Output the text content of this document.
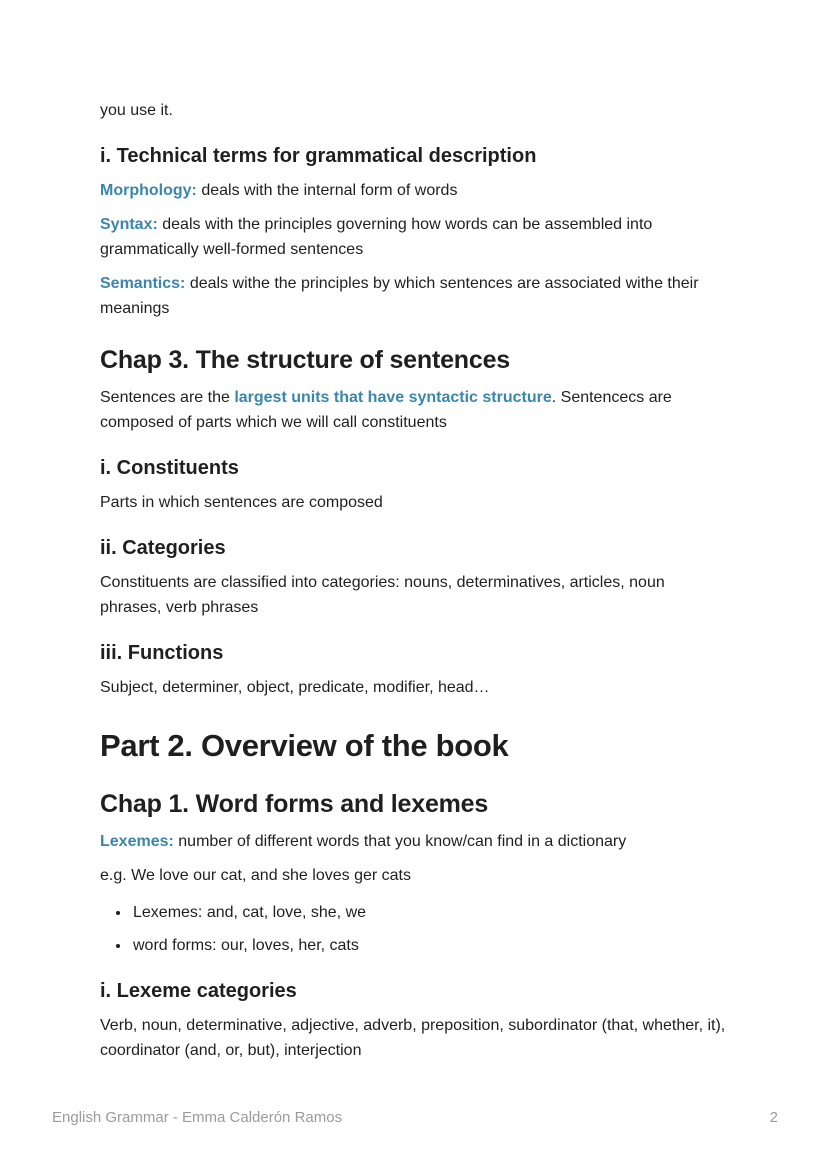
you use it.

i. Technical terms for grammatical description

Morphology: deals with the internal form of words

Syntax: deals with the principles governing how words can be assembled into grammatically well-formed sentences

Semantics: deals withe the principles by which sentences are associated withe their meanings

Chap 3. The structure of sentences

Sentences are the largest units that have syntactic structure. Sentencecs are composed of parts which we will call constituents

i. Constituents

Parts in which sentences are composed

ii. Categories

Constituents are classified into categories: nouns, determinatives, articles, noun phrases, verb phrases

iii. Functions

Subject, determiner, object, predicate, modifier, head…

Part 2. Overview of the book
Chap 1. Word forms and lexemes

Lexemes: number of different words that you know/can find in a dictionary

e.g. We love our cat, and she loves ger cats

• Lexemes: and, cat, love, she, we
• word forms: our, loves, her, cats
i. Lexeme categories

Verb, noun, determinative, adjective, adverb, preposition, subordinator (that, whether, it), coordinator (and, or, but), interjection

English Grammar - Emma Calderón Ramos	2
